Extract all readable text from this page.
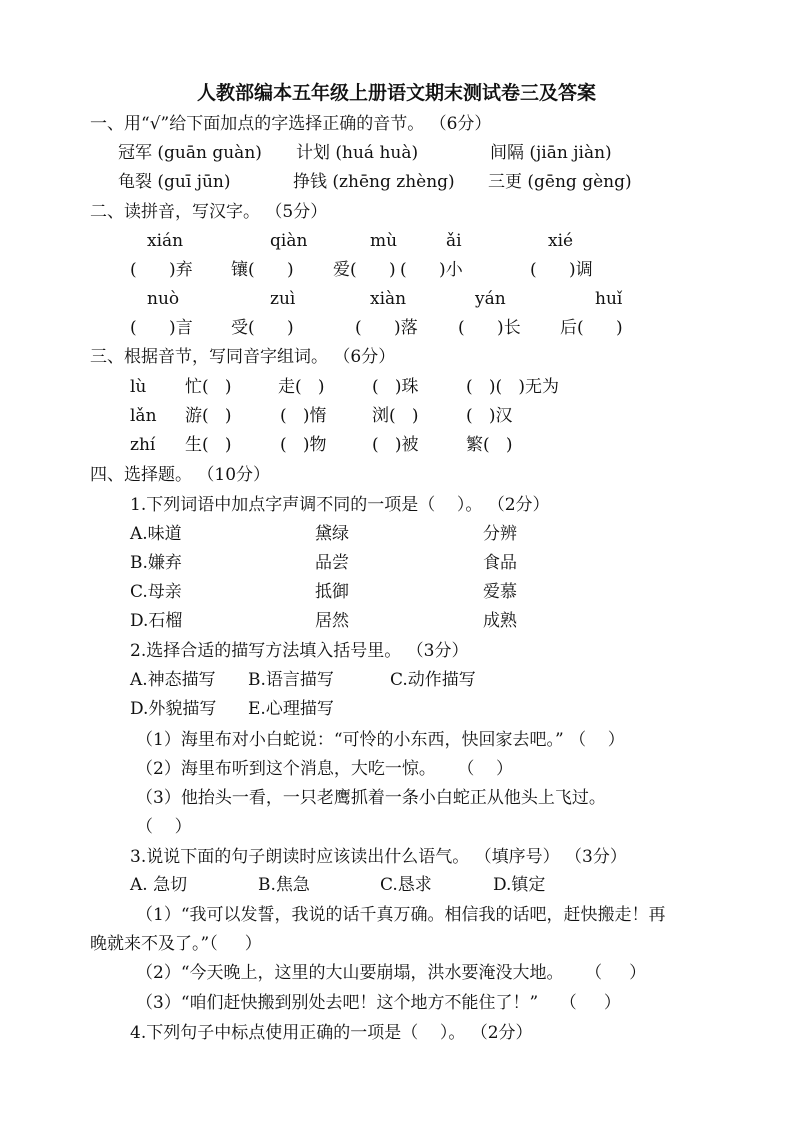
人教部编本五年级上册语文期末测试卷三及答案
一、用“√”给下面加点的字选择正确的音节。 （6分）
冠军 (guān guàn) 计划 (huá huà)	间隔 (jiān jiàn)
龟裂 (guī jūn)	挣钱 (zhēng zhèng) 三更 (gēng gèng)
二、读拼音，写汉字。 （5分）
xián	qiàn	mù	ǎi	xié
(      )弃 镶(      ) 爱(      ) (      )小	(      )调
nuò	zuì	xiàn	yán	huǐ
(      )言 受(      )	(      )落 (      )长 后(      )
三、根据音节，写同音字组词。 （6分）
lù 忙(   )	走(   )	(   )珠	(   )(   )无为
lǎn 游(   )	(   )惰	浏(   )	(   )汉
zhí 生(   )	(   )物	(   )被	繁(   )
四、选择题。 （10分）
1.下列词语中加点字声调不同的一项是（    ）。 （2分）
A.味道	黛绿	分辨
B.嫌弃	品尝	食品
C.母亲	抵御	爱慕
D.石榴	居然	成熟
2.选择合适的描写方法填入括号里。 （3分）
A.神态描写 B.语言描写	C.动作描写
D.外貌描写 E.心理描写
（1）海里布对小白蛇说：“可怜的小东西，快回家去吧。” （    ）
（2）海里布听到这个消息，大吃一惊。    （    ）
（3）他抬头一看，一只老鹰抓着一条小白蛇正从他头上飞过。
（    ）
3.说说下面的句子朗读时应该读出什么语气。 （填序号） （3分）
A. 急切	B.焦急	C.恳求	D.镇定
（1）“我可以发誓，我说的话千真万确。相信我的话吧，赶快搬走！再
晚就来不及了。”（     ）
（2）“今天晚上，这里的大山要崩塌，洪水要淹没大地。    （     ）
（3）“咱们赶快搬到别处去吧！这个地方不能住了！”    （     ）
4.下列句子中标点使用正确的一项是（    ）。 （2分）
